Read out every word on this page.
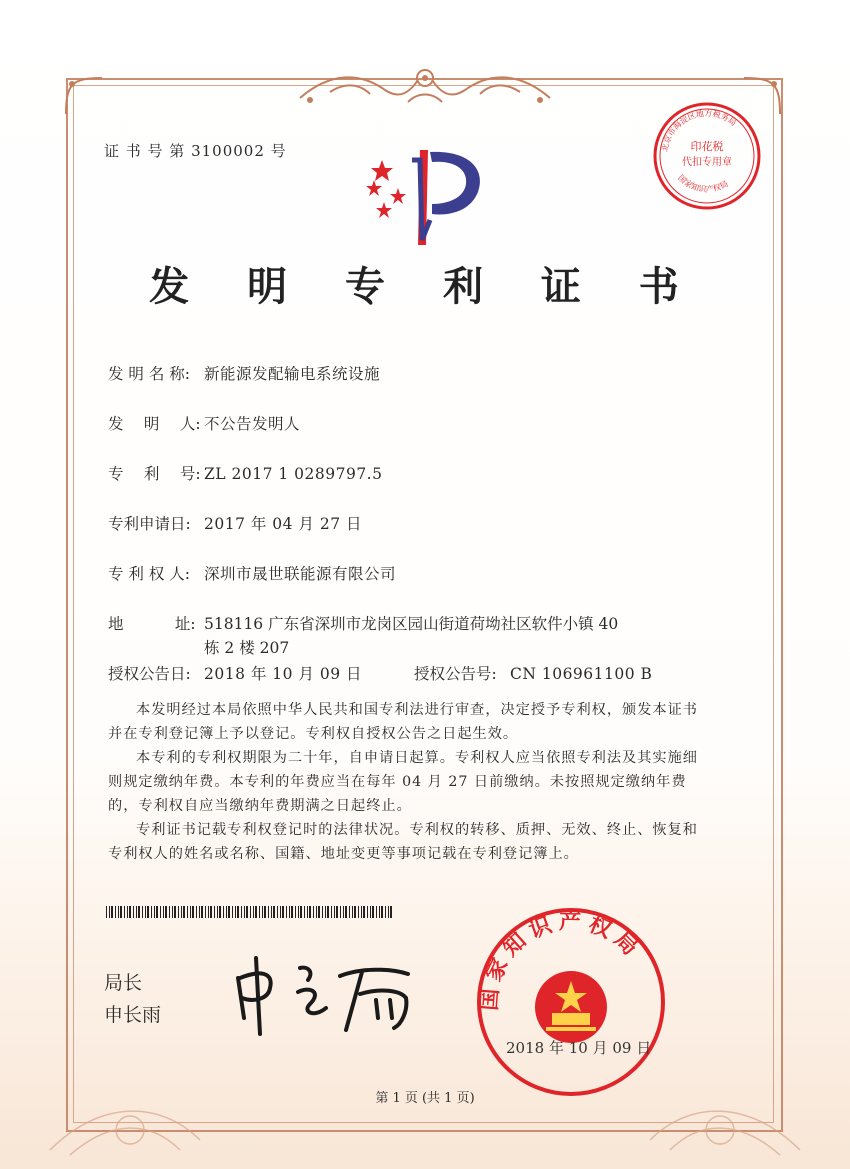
证 书 号 第 3100002 号	印花税
代扣专用章
北京市海淀区地方税务局
国家知识产权局
发 明 专 利 证 书
发 明 名 称: 新能源发配输电系统设施
发　 明　 人: 不公告发明人
专　 利　 号: ZL 2017 1 0289797.5
专利申请日: 2017 年 04 月 27 日
专 利 权 人: 深圳市晟世联能源有限公司
地　　　 址: 518116 广东省深圳市龙岗区园山街道荷坳社区软件小镇 40 栋 2 楼 207
授权公告日: 2018 年 10 月 09 日	授权公告号: CN 106961100 B
本发明经过本局依照中华人民共和国专利法进行审查，决定授予专利权，颁发本证书并在专利登记簿上予以登记。专利权自授权公告之日起生效。
本专利的专利权期限为二十年，自申请日起算。专利权人应当依照专利法及其实施细则规定缴纳年费。本专利的年费应当在每年 04 月 27 日前缴纳。未按照规定缴纳年费的，专利权自应当缴纳年费期满之日起终止。
专利证书记载专利权登记时的法律状况。专利权的转移、质押、无效、终止、恢复和专利权人的姓名或名称、国籍、地址变更等事项记载在专利登记簿上。
局长
申长雨
国家知识产权局
2018 年 10 月 09 日
第 1 页 (共 1 页)
